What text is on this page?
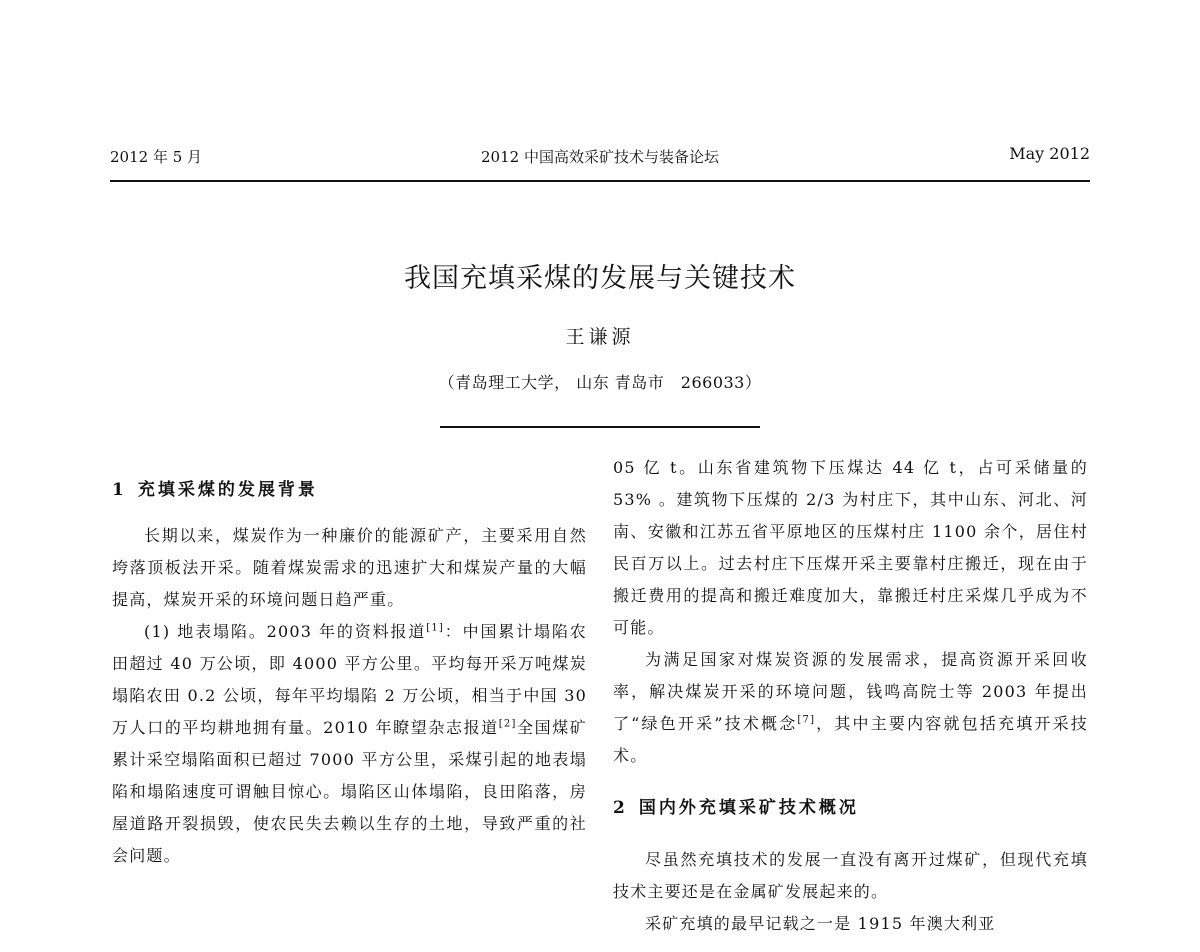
2012 年 5 月	2012 中国高效采矿技术与装备论坛	May 2012
我国充填采煤的发展与关键技术
王谦源
（青岛理工大学， 山东 青岛市　266033）
1 充填采煤的发展背景

长期以来，煤炭作为一种廉价的能源矿产，主要采用自然垮落顶板法开采。随着煤炭需求的迅速扩大和煤炭产量的大幅提高，煤炭开采的环境问题日趋严重。

(1) 地表塌陷。2003 年的资料报道[1]：中国累计塌陷农田超过 40 万公顷，即 4000 平方公里。平均每开采万吨煤炭塌陷农田 0.2 公顷，每年平均塌陷 2 万公顷，相当于中国 30 万人口的平均耕地拥有量。2010 年瞭望杂志报道[2]全国煤矿累计采空塌陷面积已超过 7000 平方公里，采煤引起的地表塌陷和塌陷速度可谓触目惊心。塌陷区山体塌陷，良田陷落，房屋道路开裂损毁，使农民失去赖以生存的土地，导致严重的社会问题。

05 亿 t。山东省建筑物下压煤达 44 亿 t，占可采储量的 53% 。建筑物下压煤的 2/3 为村庄下，其中山东、河北、河南、安徽和江苏五省平原地区的压煤村庄 1100 余个，居住村民百万以上。过去村庄下压煤开采主要靠村庄搬迁，现在由于搬迁费用的提高和搬迁难度加大，靠搬迁村庄采煤几乎成为不可能。

为满足国家对煤炭资源的发展需求，提高资源开采回收率，解决煤炭开采的环境问题，钱鸣高院士等 2003 年提出了“绿色开采”技术概念[7]，其中主要内容就包括充填开采技术。

2 国内外充填采矿技术概况

尽虽然充填技术的发展一直没有离开过煤矿，但现代充填技术主要还是在金属矿发展起来的。

采矿充填的最早记载之一是 1915 年澳大利亚
